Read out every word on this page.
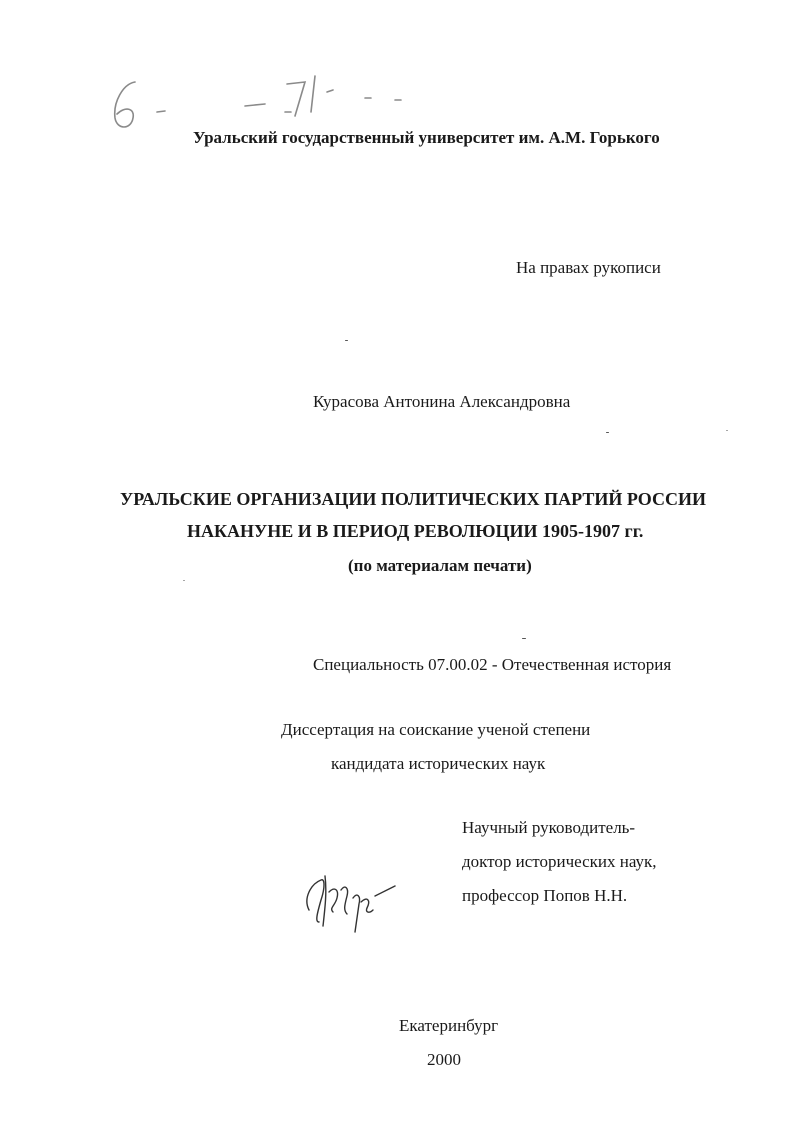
Уральский государственный университет им. А.М. Горького
На правах рукописи
Курасова Антонина Александровна
УРАЛЬСКИЕ ОРГАНИЗАЦИИ ПОЛИТИЧЕСКИХ ПАРТИЙ РОССИИ
НАКАНУНЕ И В ПЕРИОД РЕВОЛЮЦИИ 1905-1907 гг.
(по материалам печати)
Специальность 07.00.02 - Отечественная история
Диссертация на соискание ученой степени
кандидата исторических наук
Научный руководитель-
доктор исторических наук,
профессор Попов Н.Н.
Екатеринбург
2000
